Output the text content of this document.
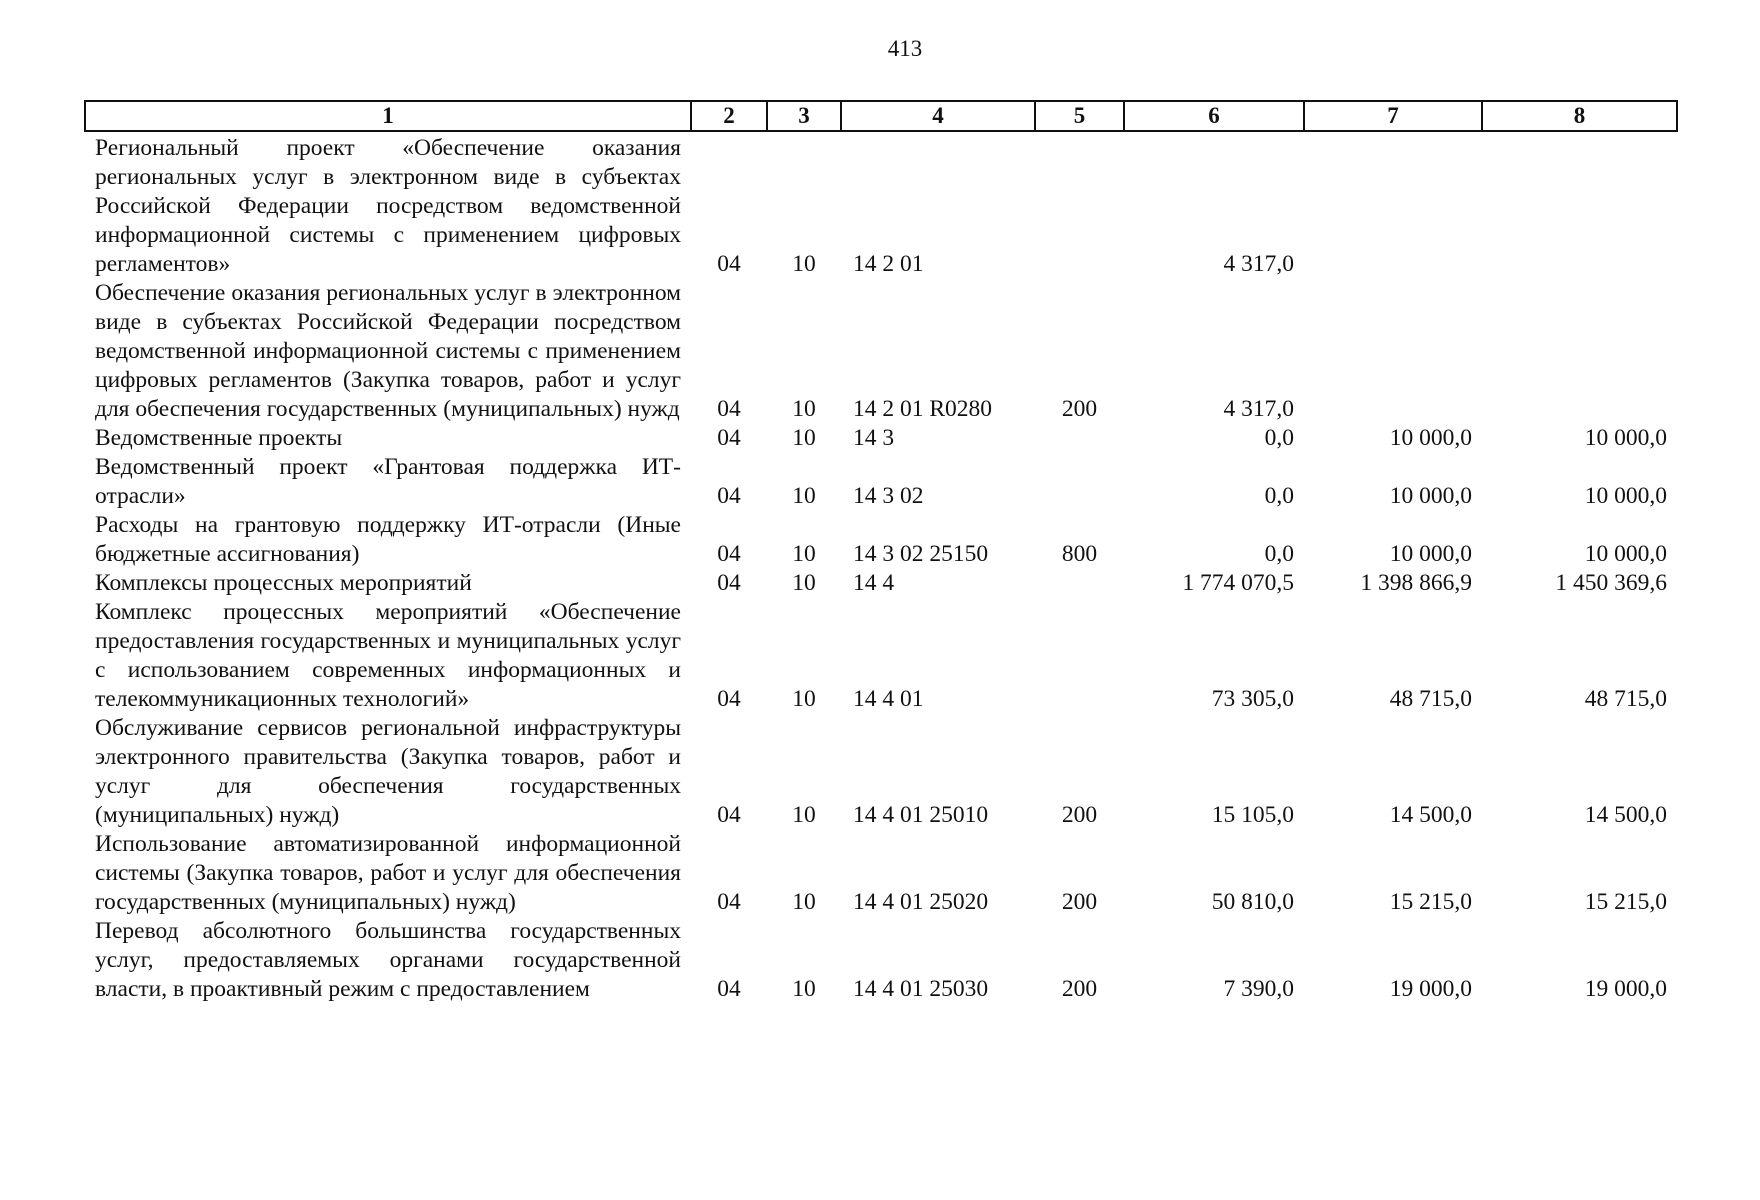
413
1	2	3	4	5	6	7	8
Региональный проект «Обеспечение оказания региональных услуг в электронном виде в субъектах Российской Федерации посредством ведомственной информационной системы с применением цифровых регламентов»	04	10	14 2 01		4 317,0		
Обеспечение оказания региональных услуг в электронном виде в субъектах Российской Федерации посредством ведомственной информационной системы с применением цифровых регламентов (Закупка товаров, работ и услуг для обеспечения государственных (муниципальных) нужд	04	10	14 2 01 R0280	200	4 317,0		
Ведомственные проекты	04	10	14 3		0,0	10 000,0	10 000,0
Ведомственный проект «Грантовая поддержка ИТ-отрасли»	04	10	14 3 02		0,0	10 000,0	10 000,0
Расходы на грантовую поддержку ИТ-отрасли (Иные бюджетные ассигнования)	04	10	14 3 02 25150	800	0,0	10 000,0	10 000,0
Комплексы процессных мероприятий	04	10	14 4		1 774 070,5	1 398 866,9	1 450 369,6
Комплекс процессных мероприятий «Обеспечение предоставления государственных и муниципальных услуг с использованием современных информационных и телекоммуникационных технологий»	04	10	14 4 01		73 305,0	48 715,0	48 715,0
Обслуживание сервисов региональной инфраструктуры электронного правительства (Закупка товаров, работ и услуг для обеспечения государственных (муниципальных) нужд)	04	10	14 4 01 25010	200	15 105,0	14 500,0	14 500,0
Использование автоматизированной информационной системы (Закупка товаров, работ и услуг для обеспечения государственных (муниципальных) нужд)	04	10	14 4 01 25020	200	50 810,0	15 215,0	15 215,0
Перевод абсолютного большинства государственных услуг, предоставляемых органами государственной власти, в проактивный режим с предоставлением	04	10	14 4 01 25030	200	7 390,0	19 000,0	19 000,0
